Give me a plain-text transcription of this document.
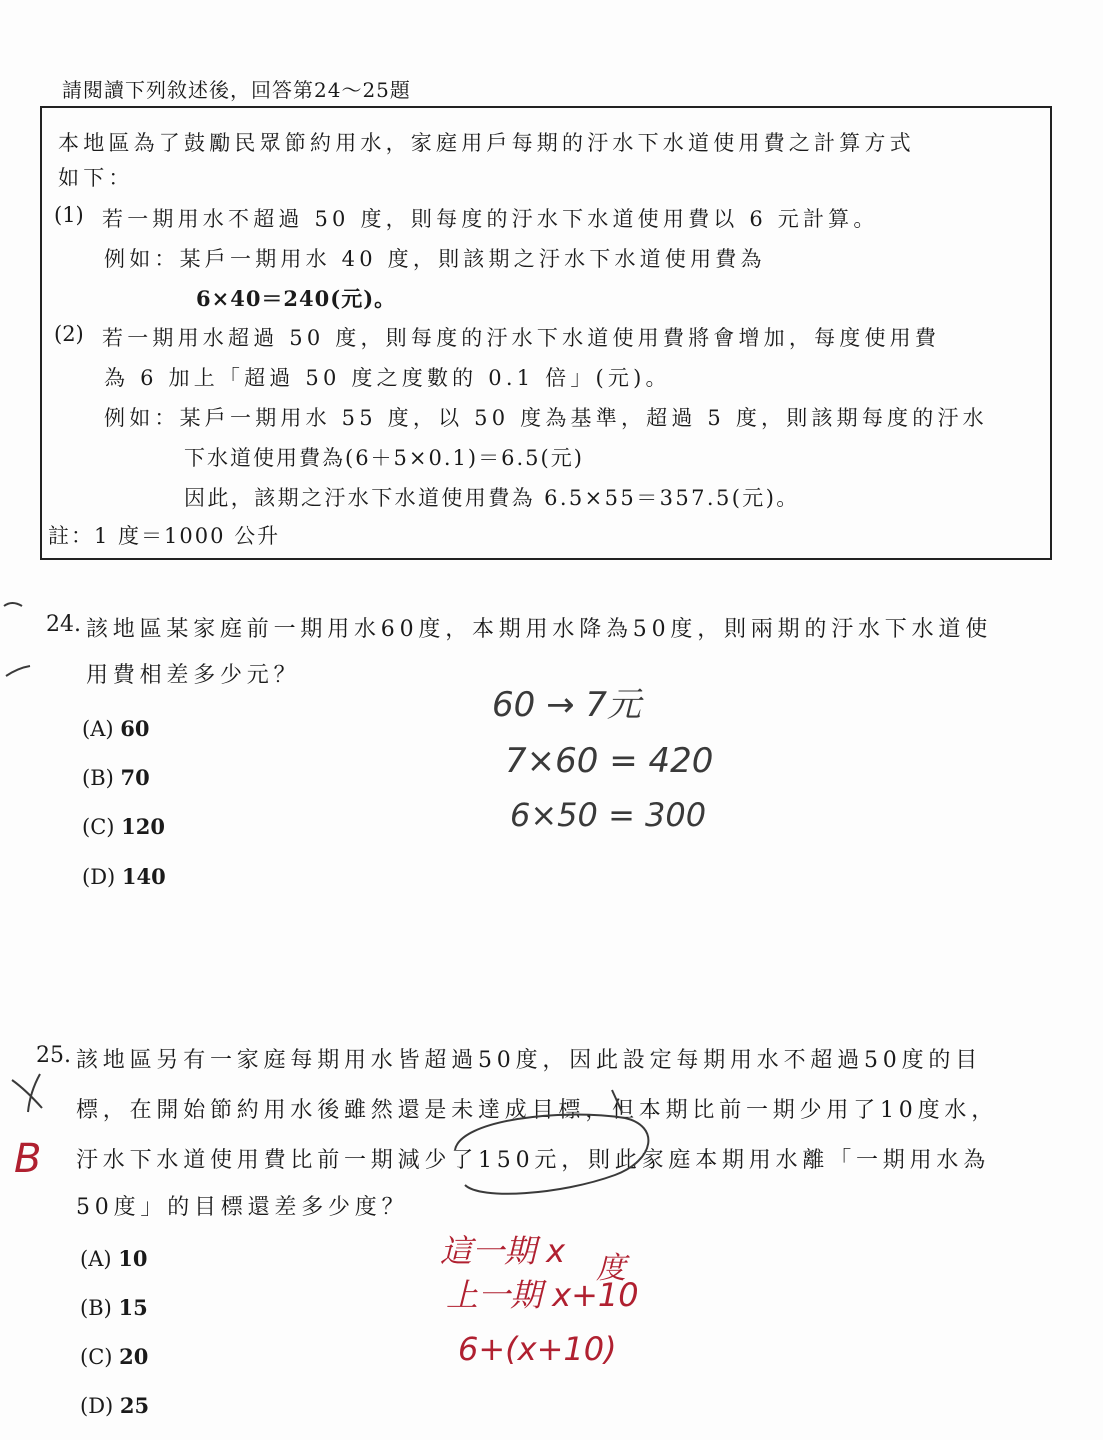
請閱讀下列敘述後，回答第24～25題
本地區為了鼓勵民眾節約用水，家庭用戶每期的汙水下水道使用費之計算方式
如下：
(1) 若一期用水不超過 50 度，則每度的汙水下水道使用費以 6 元計算。
例如：某戶一期用水 40 度，則該期之汙水下水道使用費為
6×40＝240(元)。
(2) 若一期用水超過 50 度，則每度的汙水下水道使用費將會增加，每度使用費
為 6 加上「超過 50 度之度數的 0.1 倍」(元)。
例如：某戶一期用水 55 度，以 50 度為基準，超過 5 度，則該期每度的汙水
下水道使用費為(6＋5×0.1)＝6.5(元)
因此，該期之汙水下水道使用費為 6.5×55＝357.5(元)。
註：1 度＝1000 公升
24. 該地區某家庭前一期用水60度，本期用水降為50度，則兩期的汙水下水道使
用費相差多少元？
(A) 60
(B) 70
(C) 120
(D) 140
25. 該地區另有一家庭每期用水皆超過50度，因此設定每期用水不超過50度的目
標，在開始節約用水後雖然還是未達成目標，但本期比前一期少用了10度水，
汙水下水道使用費比前一期減少了150元，則此家庭本期用水離「一期用水為
50度」的目標還差多少度？
(A) 10
(B) 15
(C) 20
(D) 25
60 → 7元
7×60 = 420
6×50 = 300
B
這一期 x
上一期 x+10
度
6+(x+10)
